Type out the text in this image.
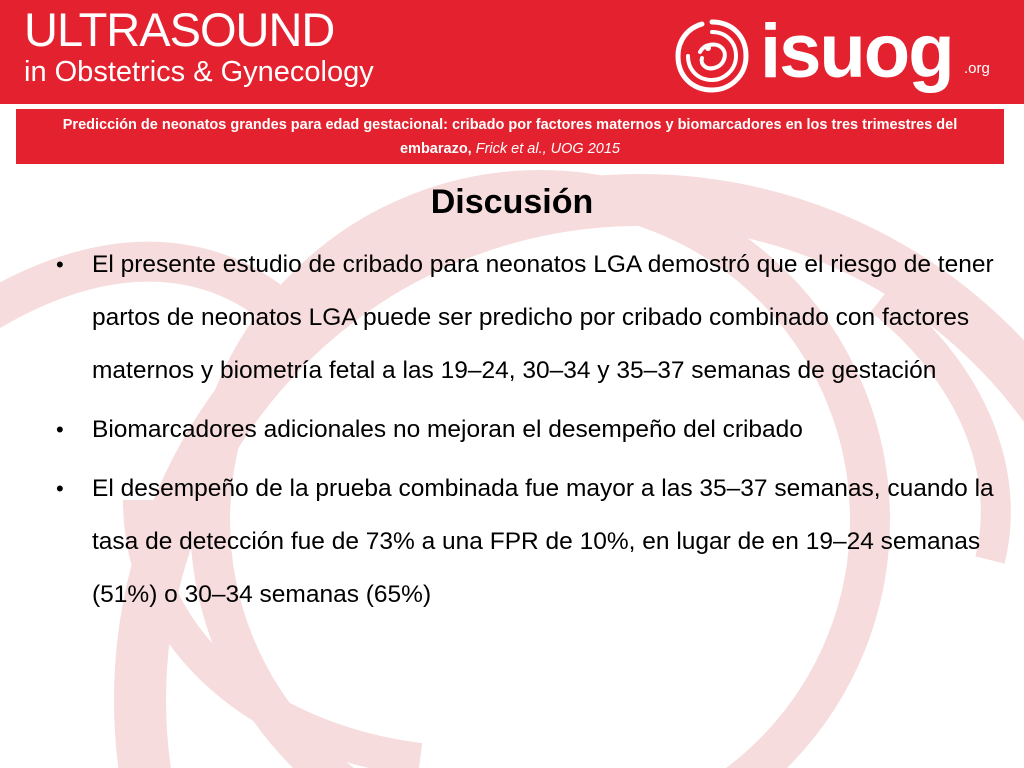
ULTRASOUND
in Obstetrics & Gynecology	isuog .org
Predicción de neonatos grandes para edad gestacional: cribado por factores maternos y biomarcadores en los tres trimestres del embarazo, Frick et al., UOG 2015
Discusión
• El presente estudio de cribado para neonatos LGA demostró que el riesgo de tener partos de neonatos LGA puede ser predicho por cribado combinado con factores maternos y biometría fetal a las 19–24, 30–34 y 35–37 semanas de gestación
• Biomarcadores adicionales no mejoran el desempeño del cribado
• El desempeño de la prueba combinada fue mayor a las 35–37 semanas, cuando la tasa de detección fue de 73% a una FPR de 10%, en lugar de en 19–24 semanas (51%) o 30–34 semanas (65%)
